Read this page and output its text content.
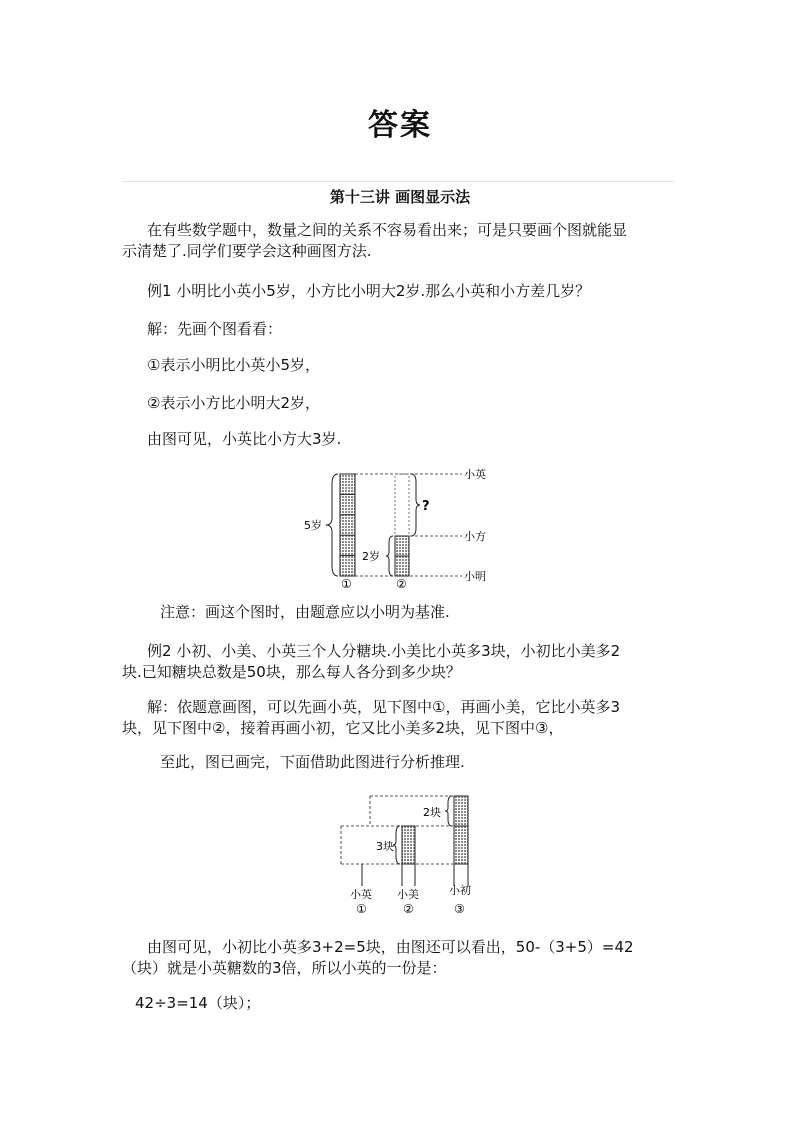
答案
第十三讲 画图显示法
在有些数学题中，数量之间的关系不容易看出来；可是只要画个图就能显
示清楚了.同学们要学会这种画图方法.
例1 小明比小英小5岁，小方比小明大2岁.那么小英和小方差几岁？
解：先画个图看看：
①表示小明比小英小5岁，
②表示小方比小明大2岁，
由图可见，小英比小方大3岁.
5岁
?
2岁
小英
小方
小明
①	②
注意：画这个图时，由题意应以小明为基准.
例2 小初、小美、小英三个人分糖块.小美比小英多3块，小初比小美多2
块.已知糖块总数是50块，那么每人各分到多少块？
解：依题意画图，可以先画小英，见下图中①，再画小美，它比小英多3
块，见下图中②，接着再画小初，它又比小美多2块，见下图中③，
至此，图已画完，下面借助此图进行分析推理.
3块
2块
小英 小美	小初
①	②	③
由图可见，小初比小英多3+2=5块，由图还可以看出，50-（3+5）=42
（块）就是小英糖数的3倍，所以小英的一份是：
42÷3=14（块）；
